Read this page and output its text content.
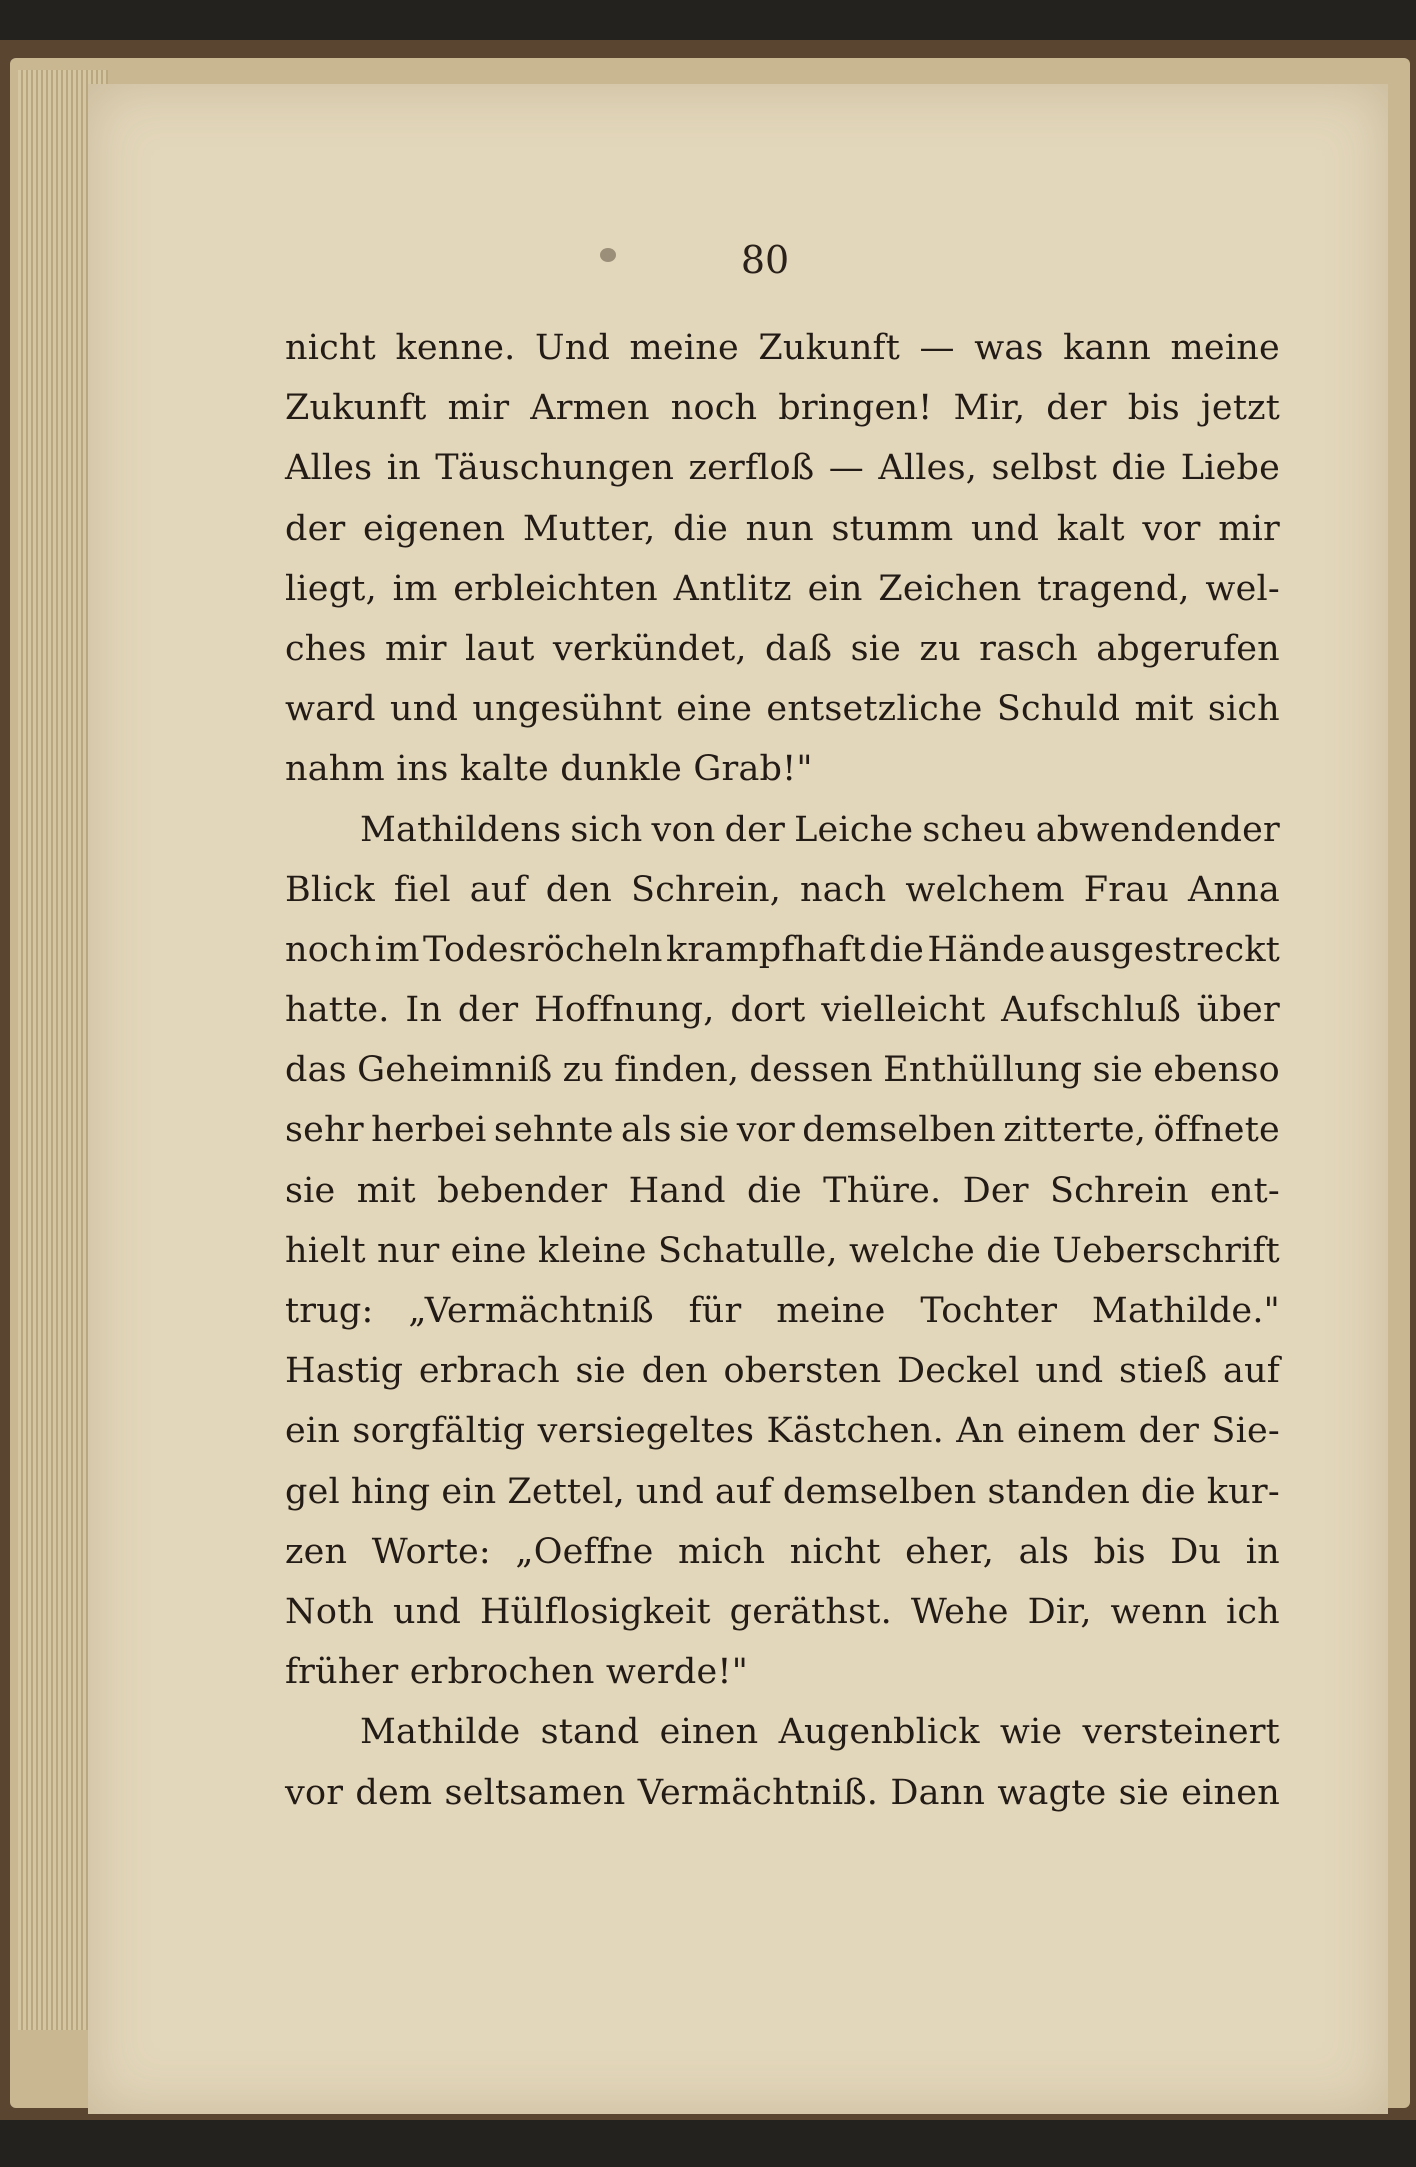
80
nicht kenne. Und meine Zukunft — was kann meine
Zukunft mir Armen noch bringen! Mir, der bis jetzt
Alles in Täuschungen zerfloß — Alles, selbst die Liebe
der eigenen Mutter, die nun stumm und kalt vor mir
liegt, im erbleichten Antlitz ein Zeichen tragend, wel-
ches mir laut verkündet, daß sie zu rasch abgerufen
ward und ungesühnt eine entsetzliche Schuld mit sich
nahm ins kalte dunkle Grab!"
Mathildens sich von der Leiche scheu abwendender
Blick fiel auf den Schrein, nach welchem Frau Anna
noch im Todesröcheln krampfhaft die Hände ausgestreckt
hatte. In der Hoffnung, dort vielleicht Aufschluß über
das Geheimniß zu finden, dessen Enthüllung sie ebenso
sehr herbei sehnte als sie vor demselben zitterte, öffnete
sie mit bebender Hand die Thüre. Der Schrein ent-
hielt nur eine kleine Schatulle, welche die Ueberschrift
trug: „Vermächtniß für meine Tochter Mathilde."
Hastig erbrach sie den obersten Deckel und stieß auf
ein sorgfältig versiegeltes Kästchen. An einem der Sie-
gel hing ein Zettel, und auf demselben standen die kur-
zen Worte: „Oeffne mich nicht eher, als bis Du in
Noth und Hülflosigkeit geräthst. Wehe Dir, wenn ich
früher erbrochen werde!"
Mathilde stand einen Augenblick wie versteinert
vor dem seltsamen Vermächtniß. Dann wagte sie einen
